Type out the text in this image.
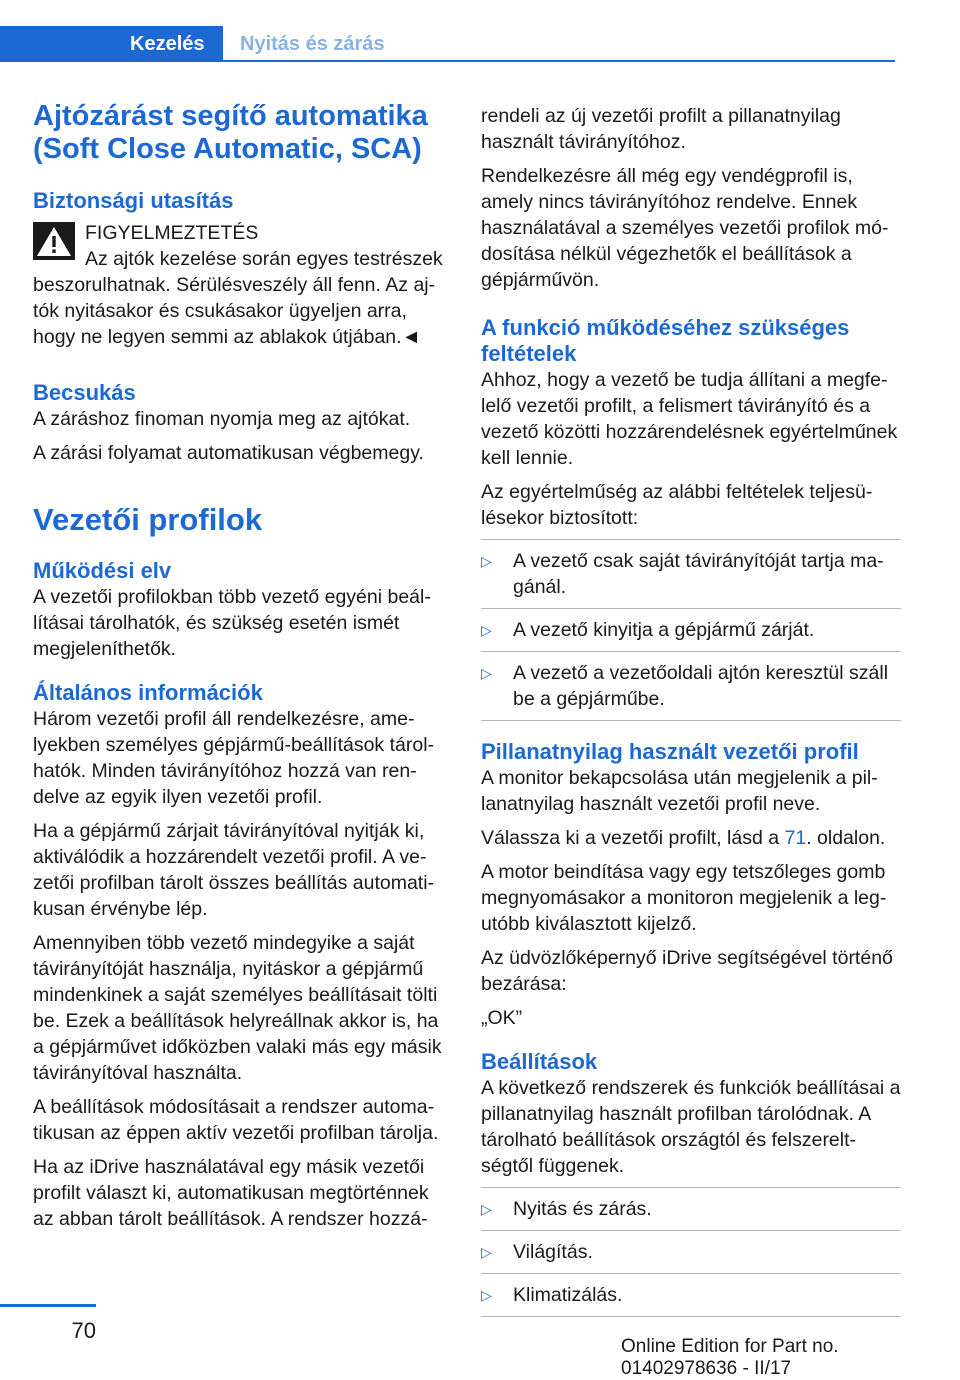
Kezelés	Nyitás és zárás
Ajtózárást segítő automatika (Soft Close Automatic, SCA)
Biztonsági utasítás
FIGYELMEZTETÉS

Az ajtók kezelése során egyes testrészek beszorulhatnak. Sérülésveszély áll fenn. Az ajtók nyitásakor és csukásakor ügyeljen arra, hogy ne legyen semmi az ablakok útjában.◄

Becsukás

A záráshoz finoman nyomja meg az ajtókat.

A zárási folyamat automatikusan végbemegy.

Vezetői profilok
Működési elv

A vezetői profilokban több vezető egyéni beállításai tárolhatók, és szükség esetén ismét megjeleníthetők.

Általános információk

Három vezetői profil áll rendelkezésre, amelyekben személyes gépjármű-beállítások tárolhatók. Minden távirányítóhoz hozzá van rendelve az egyik ilyen vezetői profil.

Ha a gépjármű zárjait távirányítóval nyitják ki, aktiválódik a hozzárendelt vezetői profil. A vezetői profilban tárolt összes beállítás automatikusan érvénybe lép.

Amennyiben több vezető mindegyike a saját távirányítóját használja, nyitáskor a gépjármű mindenkinek a saját személyes beállításait tölti be. Ezek a beállítások helyreállnak akkor is, ha a gépjárművet időközben valaki más egy másik távirányítóval használta.

A beállítások módosításait a rendszer automatikusan az éppen aktív vezetői profilban tárolja.

Ha az iDrive használatával egy másik vezetői profilt választ ki, automatikusan megtörténnek az abban tárolt beállítások. A rendszer hozzá-

rendeli az új vezetői profilt a pillanatnyilag használt távirányítóhoz.

Rendelkezésre áll még egy vendégprofil is, amely nincs távirányítóhoz rendelve. Ennek használatával a személyes vezetői profilok módosítása nélkül végezhetők el beállítások a gépjárművön.

A funkció működéséhez szükséges feltételek

Ahhoz, hogy a vezető be tudja állítani a megfelelő vezetői profilt, a felismert távirányító és a vezető közötti hozzárendelésnek egyértelműnek kell lennie.

Az egyértelműség az alábbi feltételek teljesülésekor biztosított:

▷ A vezető csak saját távirányítóját tartja magánál.
▷ A vezető kinyitja a gépjármű zárját.
▷ A vezető a vezetőoldali ajtón keresztül száll be a gépjárműbe.
Pillanatnyilag használt vezetői profil

A monitor bekapcsolása után megjelenik a pillanatnyilag használt vezetői profil neve.

Válassza ki a vezetői profilt, lásd a 71. oldalon.

A motor beindítása vagy egy tetszőleges gomb megnyomásakor a monitoron megjelenik a legutóbb kiválasztott kijelző.

Az üdvözlőképernyő iDrive segítségével történő bezárása:

„OK”

Beállítások

A következő rendszerek és funkciók beállításai a pillanatnyilag használt profilban tárolódnak. A tárolható beállítások országtól és felszereltségtől függenek.

▷ Nyitás és zárás.
▷ Világítás.
▷ Klimatizálás.
70
Online Edition for Part no. 01402978636 - II/17
